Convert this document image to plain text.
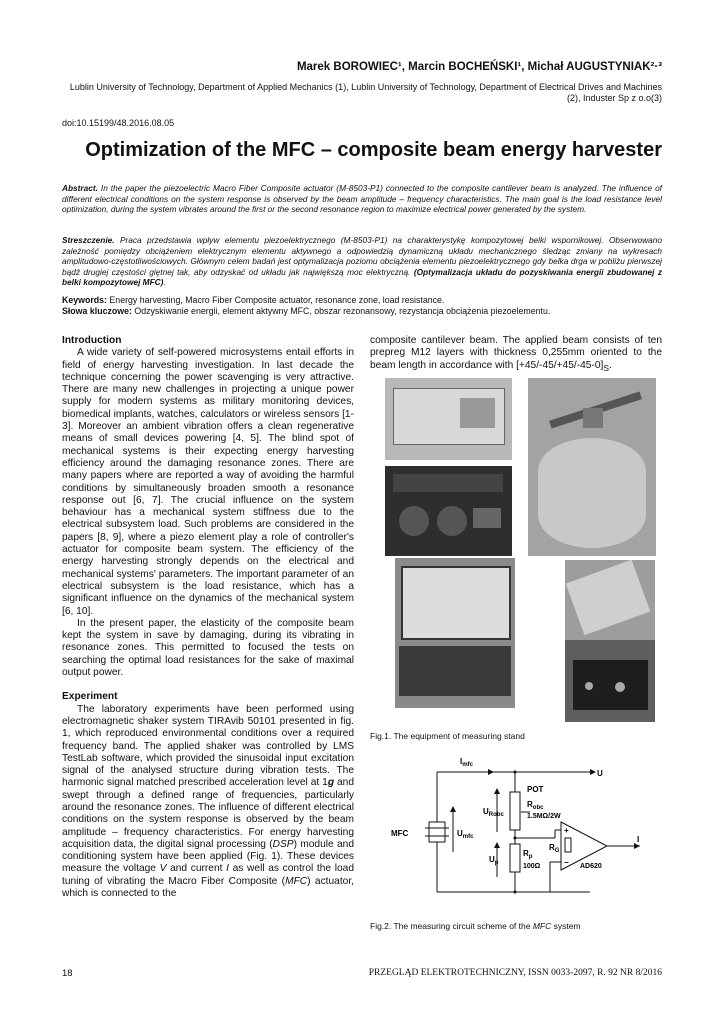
Marek BOROWIEC¹, Marcin BOCHEŃSKI¹, Michał AUGUSTYNIAK²·³
Lublin University of Technology, Department of Applied Mechanics (1), Lublin University of Technology, Department of Electrical Drives and Machines (2), Induster Sp z o.o(3)
doi:10.15199/48.2016.08.05
Optimization of the MFC – composite beam energy harvester
Abstract. In the paper the piezoelectric Macro Fiber Composite actuator (M-8503-P1) connected to the composite cantilever beam is analyzed. The influence of different electrical conditions on the system response is observed by the beam amplitude – frequency characteristics. The main goal is the load resistance level optimization, during the system vibrates around the first or the second resonance region to maximize electrical power generated by the system.
Streszczenie. Praca przedstawia wpływ elementu piezoelektrycznego (M-8503-P1) na charakterystykę kompozytowej belki wspornikowej. Obserwowano zależność pomiędzy obciążeniem elektrycznym elementu aktywnego a odpowiedzią dynamiczną układu mechanicznego śledząc zmiany na wykresach amplitudowo-częstotliwościowych. Głównym celem badań jest optymalizacja poziomu obciążenia elementu piezoelektrycznego gdy belka drga w pobliżu pierwszej bądź drugiej częstości giętnej tak, aby odzyskać od układu jak największą moc elektryczną. (Optymalizacja układu do pozyskiwania energii zbudowanej z belki kompozytowej MFC).
Keywords: Energy harvesting, Macro Fiber Composite actuator, resonance zone, load resistance.
Słowa kluczowe: Odzyskiwanie energii, element aktywny MFC, obszar rezonansowy, rezystancja obciążenia piezoelementu.
Introduction

A wide variety of self-powered microsystems entail efforts in field of energy harvesting investigation. In last decade the technique concerning the power scavenging is very attractive. There are many new challenges in projecting a unique power supply for modern systems as military monitoring devices, biomedical implants, watches, calculators or wireless sensors [1-3]. Moreover an ambient vibration offers a clean regenerative means of small devices powering [4, 5]. The blind spot of mechanical systems is their expecting energy harvesting efficiency around the damaging resonance zones. There are many papers where are reported a way of avoiding the harmful conditions by simultaneously broaden smooth a resonance response out [6, 7]. The crucial influence on the system behaviour has a mechanical system stiffness due to the electrical subsystem load. Such problems are considered in the papers [8, 9], where a piezo element play a role of controller's actuator for composite beam system. The efficiency of the energy harvesting strongly depends on the electrical and mechanical systems' parameters. The important parameter of an electrical subsystem is the load resistance, which has a significant influence on the dynamics of the mechanical system [6, 10].

In the present paper, the elasticity of the composite beam kept the system in save by damaging, during its vibrating in resonance zones. This permitted to focused the tests on searching the optimal load resistances for the sake of maximal output power.

Experiment

The laboratory experiments have been performed using electromagnetic shaker system TIRAvib 50101 presented in fig. 1, which reproduced environmental conditions over a required frequency band. The applied shaker was controlled by LMS TestLab software, which provided the sinusoidal input excitation signal of the analysed structure during vibration tests. The harmonic signal matched prescribed acceleration level at 1g and swept through a defined range of frequencies, particularly around the resonance zones. The influence of different electrical conditions on the system response is observed by the beam amplitude – frequency characteristics. For energy harvesting acquisition data, the digital signal processing (DSP) module and conditioning system have been applied (Fig. 1). These devices measure the voltage V and current I as well as control the load tuning of vibrating the Macro Fiber Composite (MFC) actuator, which is connected to the

composite cantilever beam. The applied beam consists of ten prepreg M12 layers with thickness 0,255mm oriented to the beam length in accordance with $[+45/-45/+45/-45-0]_S$.

Fig.1. The equipment of measuring stand
$I_{mfc}$
U
POT
$U_{Robc}$
$R_{obc}$
1.5MΩ/2W
MFC	$U_{mfc}$
$U_p$
$R_p$
100Ω
$R_G$
+
− AD620
I
Fig.2. The measuring circuit scheme of the MFC system
18	PRZEGLĄD ELEKTROTECHNICZNY, ISSN 0033-2097, R. 92 NR 8/2016
